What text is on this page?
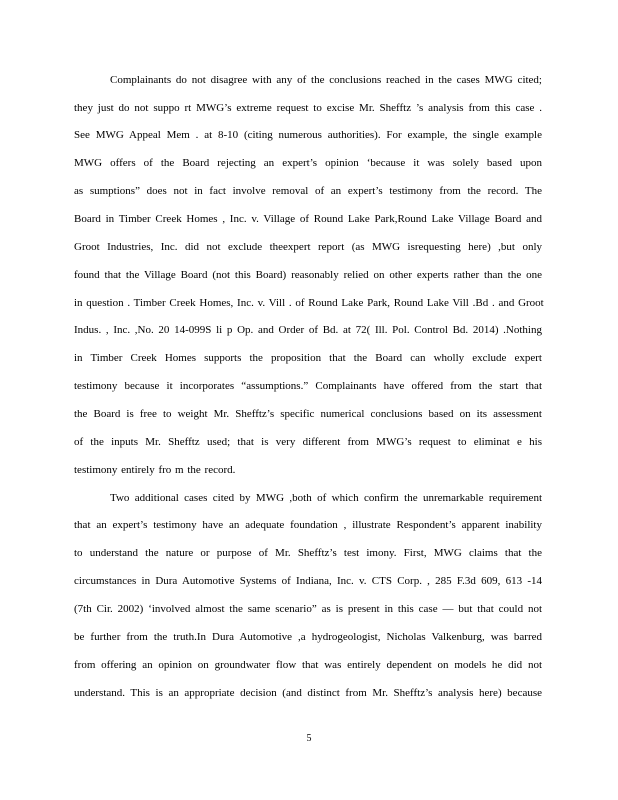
Complainants do not disagree with any of the conclusions reached in the cases MWG cited;
they just do not suppo rt MWG’s extreme request to excise Mr. Shefftz ’s analysis from this case .
See MWG Appeal Mem . at 8-10 (citing numerous authorities). For example, the single example
MWG offers of the Board rejecting an expert’s opinion ‘because it was solely based upon
as sumptions” does not in fact involve removal of an expert’s testimony from the record. The
Board in Timber Creek Homes , Inc. v. Village of Round Lake Park,Round Lake Village Board and
Groot Industries, Inc. did not exclude theexpert report (as MWG isrequesting here) ,but only
found that the Village Board (not this Board) reasonably relied on other experts rather than the one
in question . Timber Creek Homes, Inc. v. Vill . of Round Lake Park, Round Lake Vill .Bd . and Groot
Indus. , Inc. ,No. 20 14-099S li p Op. and Order of Bd. at 72( Ill. Pol. Control Bd. 2014) .Nothing
in Timber Creek Homes supports the proposition that the Board can wholly exclude expert
testimony because it incorporates “assumptions.” Complainants have offered from the start that
the Board is free to weight Mr. Shefftz’s specific numerical conclusions based on its assessment
of the inputs Mr. Shefftz used; that is very different from MWG’s request to eliminat e his
testimony entirely fro m the record.
Two additional cases cited by MWG ,both of which confirm the unremarkable requirement
that an expert’s testimony have an adequate foundation , illustrate Respondent’s apparent inability
to understand the nature or purpose of Mr. Shefftz’s test imony. First, MWG claims that the
circumstances in Dura Automotive Systems of Indiana, Inc. v. CTS Corp. , 285 F.3d 609, 613 -14
(7th Cir. 2002) ‘involved almost the same scenario” as is present in this case — but that could not
be further from the truth.In Dura Automotive ,a hydrogeologist, Nicholas Valkenburg, was barred
from offering an opinion on groundwater flow that was entirely dependent on models he did not
understand. This is an appropriate decision (and distinct from Mr. Shefftz’s analysis here) because
5
